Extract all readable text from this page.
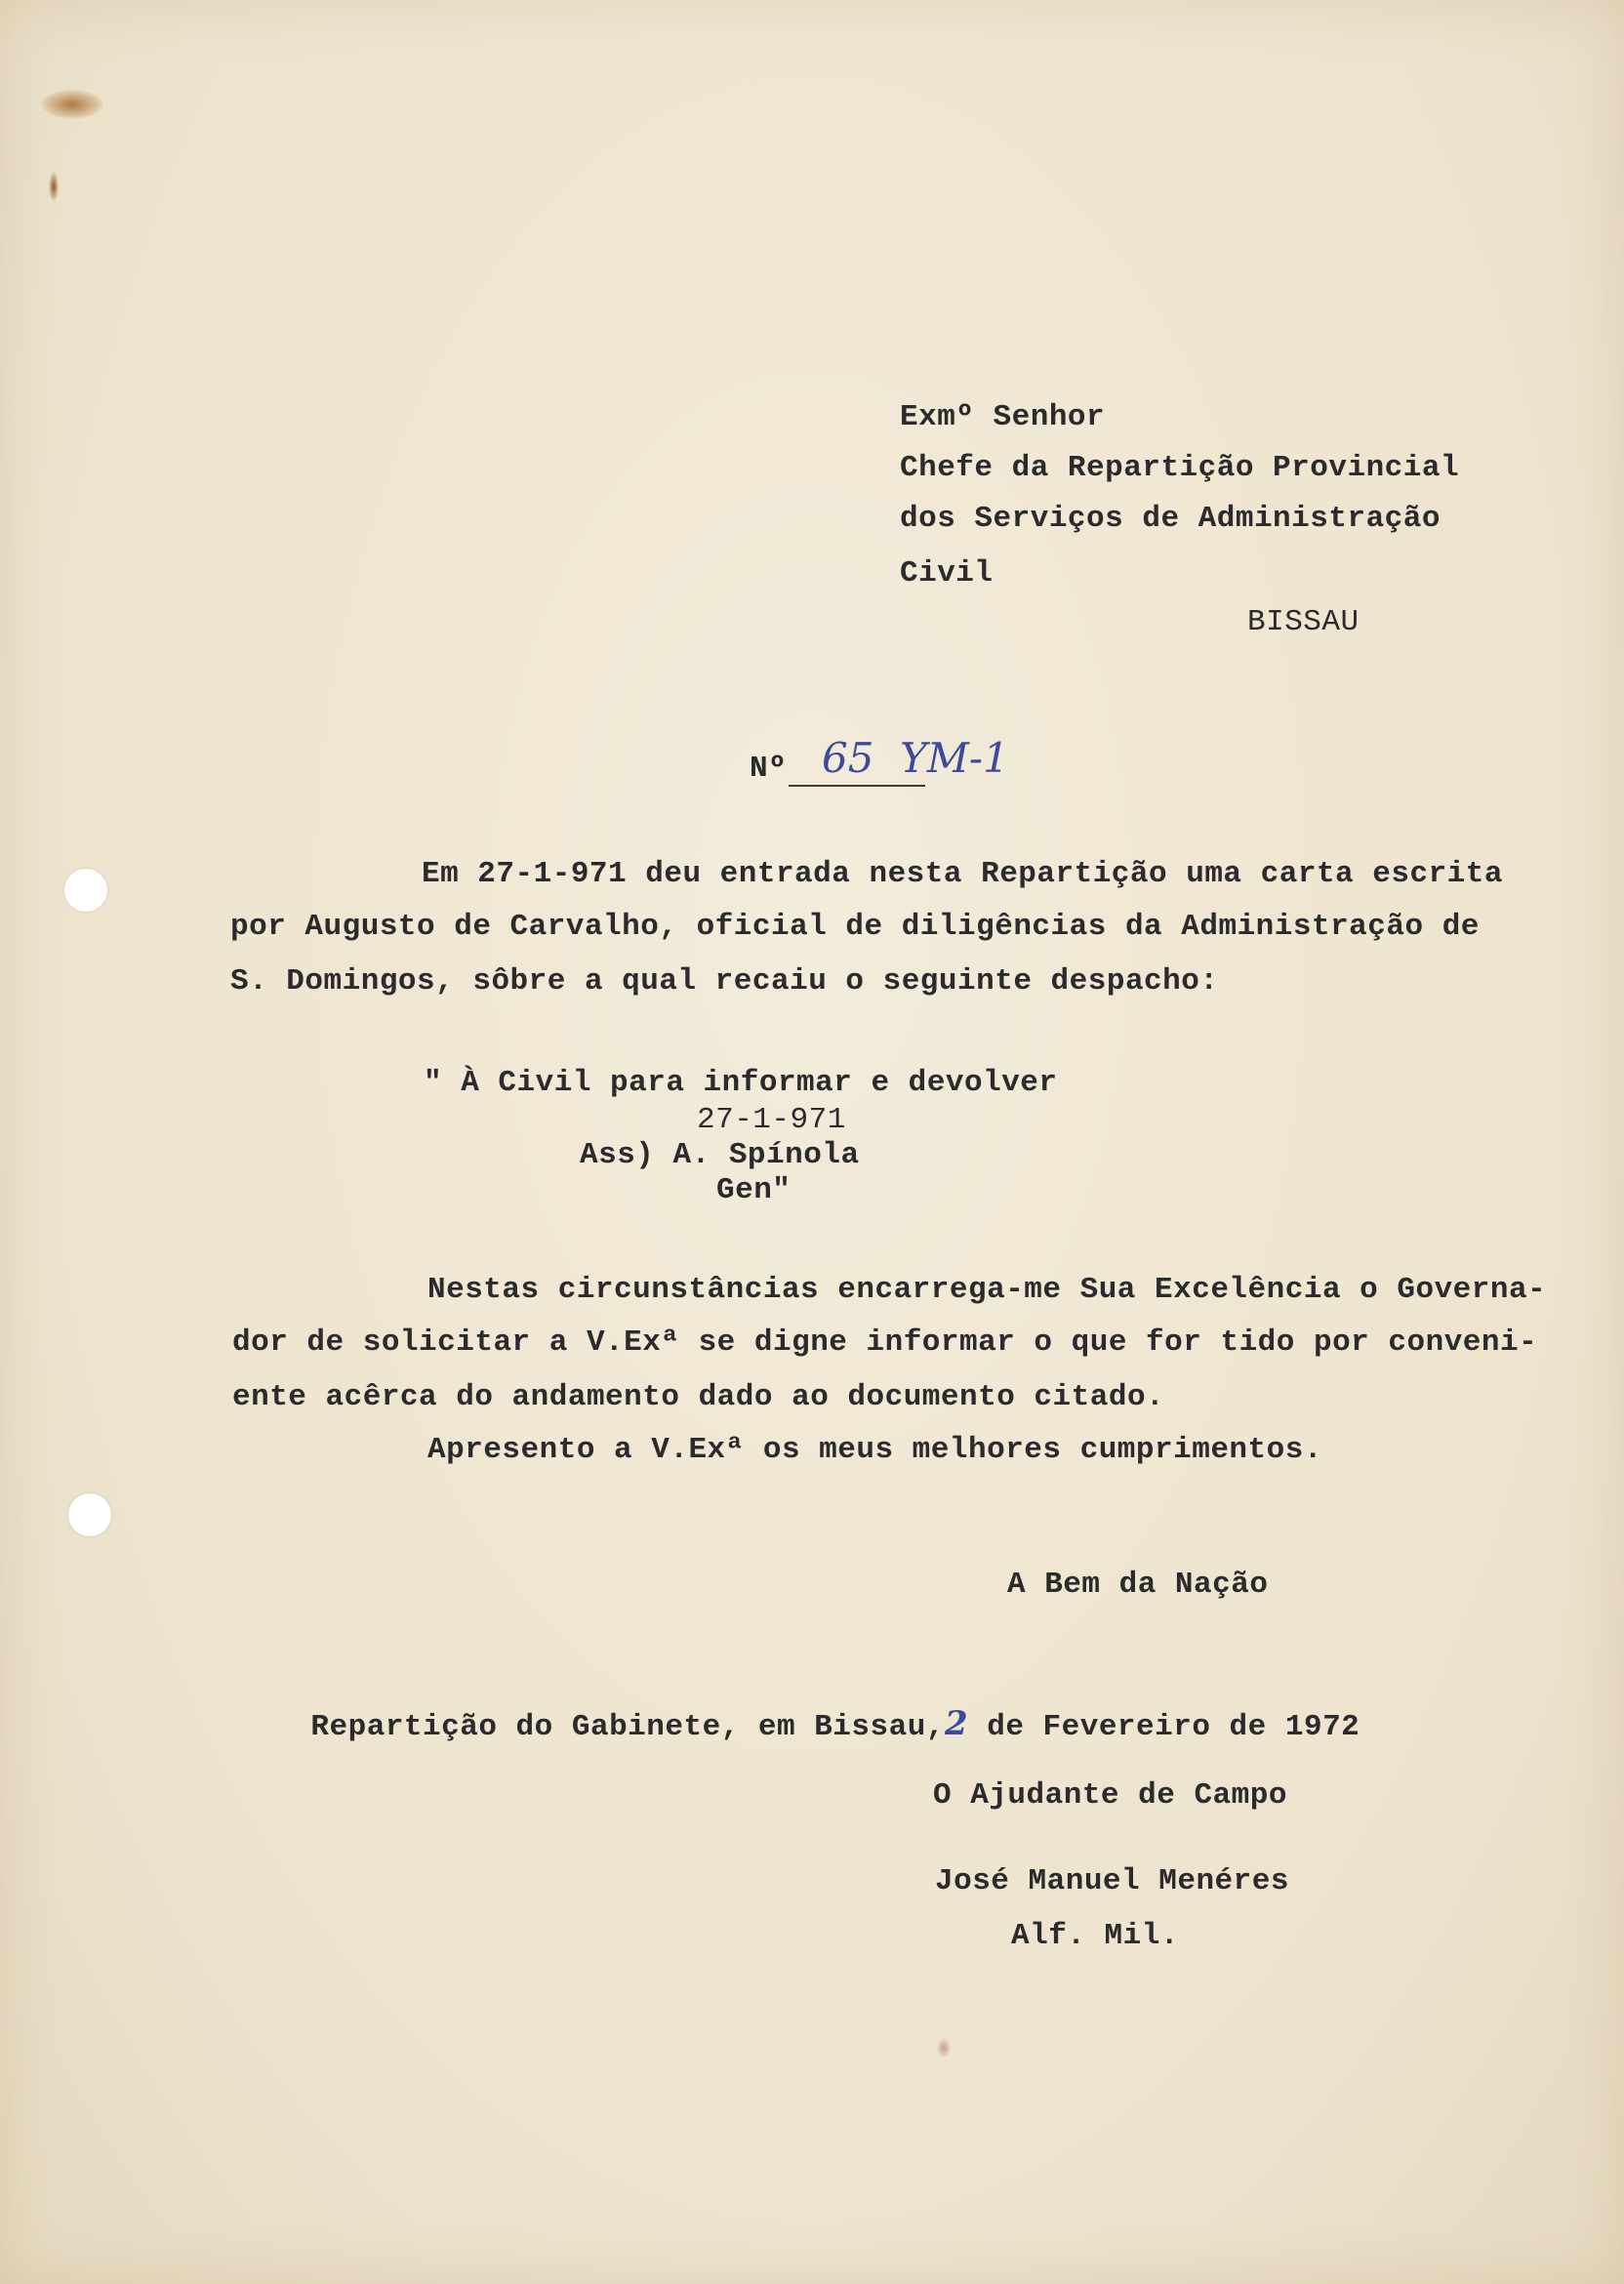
Exmº Senhor
Chefe da Repartição Provincial
dos Serviços de Administração
Civil
BISSAU
Nº 65  YM-1
Em 27-1-971 deu entrada nesta Repartição uma carta escrita
por Augusto de Carvalho, oficial de diligências da Administração de
S. Domingos, sôbre a qual recaiu o seguinte despacho:
" À Civil para informar e devolver
27-1-971
Ass) A. Spínola
Gen"
Nestas circunstâncias encarrega-me Sua Excelência o Governa-
dor de solicitar a V.Exª se digne informar o que for tido por conveni-
ente acêrca do andamento dado ao documento citado.
Apresento a V.Exª os meus melhores cumprimentos.
A Bem da Nação

Repartição do Gabinete, em Bissau,2 de Fevereiro de 1972

O Ajudante de Campo
José Manuel Menéres
Alf. Mil.
